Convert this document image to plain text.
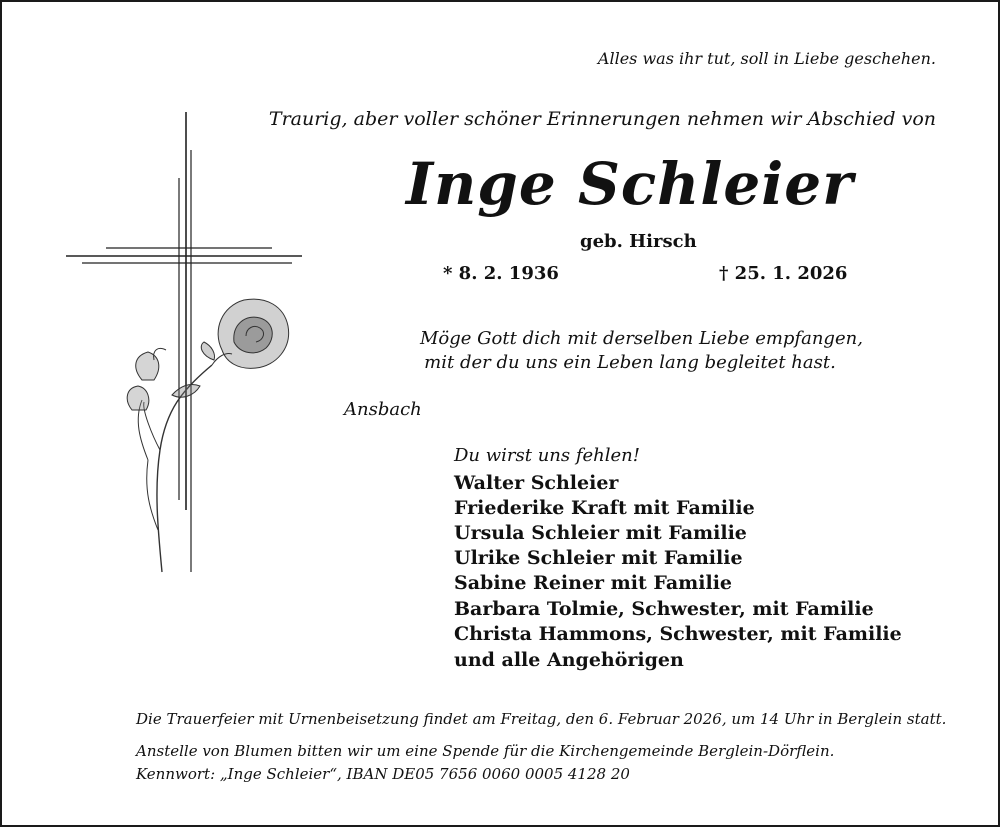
Alles was ihr tut, soll in Liebe geschehen.
Traurig, aber voller schöner Erinnerungen nehmen wir Abschied von
Inge Schleier
geb. Hirsch
* 8. 2. 1936	† 25. 1. 2026
Möge Gott dich mit derselben Liebe empfangen,
mit der du uns ein Leben lang begleitet hast.
Ansbach
Du wirst uns fehlen!
Walter Schleier
Friederike Kraft mit Familie
Ursula Schleier mit Familie
Ulrike Schleier mit Familie
Sabine Reiner mit Familie
Barbara Tolmie, Schwester, mit Familie
Christa Hammons, Schwester, mit Familie
und alle Angehörigen
Die Trauerfeier mit Urnenbeisetzung findet am Freitag, den 6. Februar 2026, um 14 Uhr in Berglein statt.
Anstelle von Blumen bitten wir um eine Spende für die Kirchengemeinde Berglein-Dörflein.
Kennwort: „Inge Schleier“, IBAN DE05 7656 0060 0005 4128 20
